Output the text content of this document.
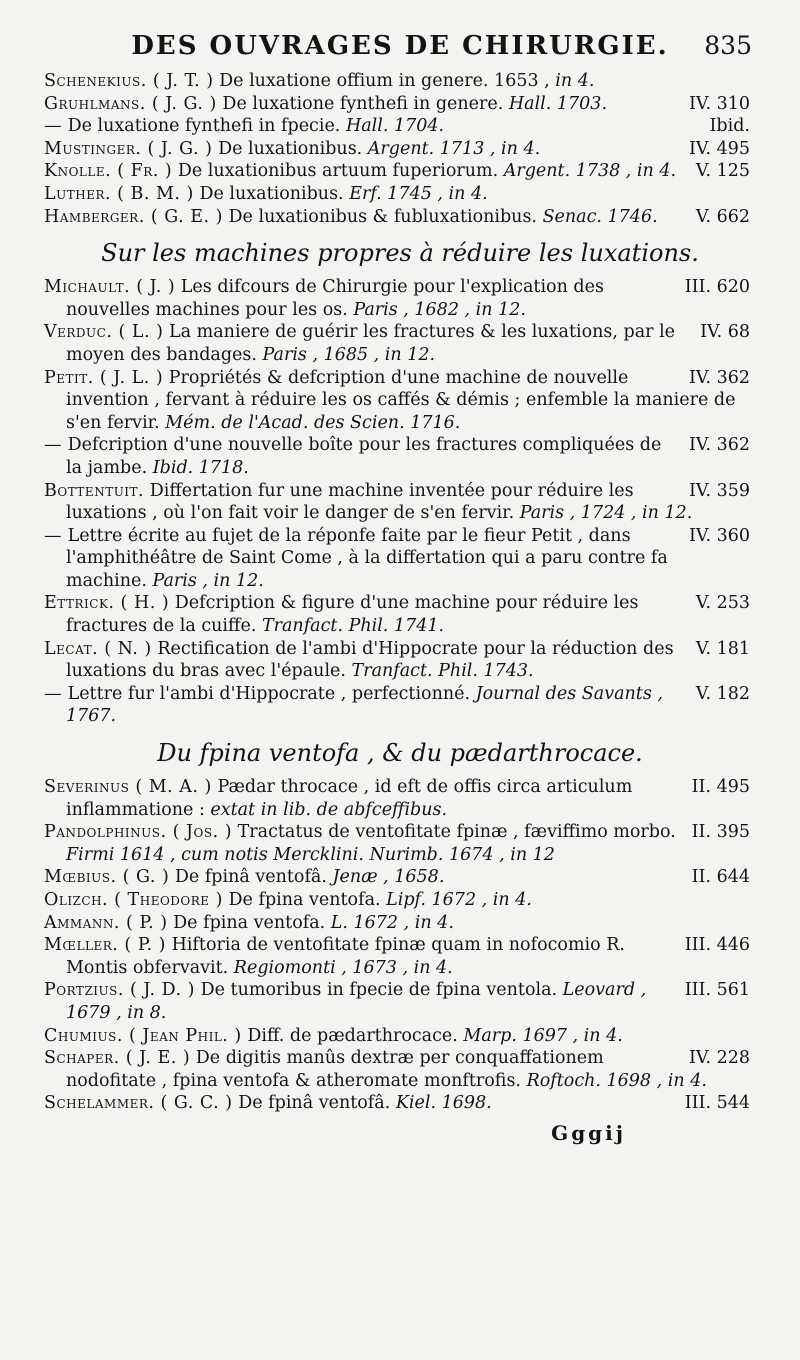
DES OUVRAGES DE CHIRURGIE. 835
Schenekius. ( J. T. ) De luxatione offium in genere. 1653 , in 4.
IV. 310
Gruhlmans. ( J. G. ) De luxatione fynthefi in genere. Hall. 1703.
Ibid.
— De luxatione fynthefi in fpecie. Hall. 1704.
IV. 495
Mustinger. ( J. G. ) De luxationibus. Argent. 1713 , in 4.
V. 125
Knolle. ( Fr. ) De luxationibus artuum fuperiorum. Argent. 1738 , in 4.
Luther. ( B. M. ) De luxationibus. Erf. 1745 , in 4.
V. 662
Hamberger. ( G. E. ) De luxationibus & fubluxationibus. Senac. 1746.
Sur les machines propres à réduire les luxations.
III. 620
Michault. ( J. ) Les difcours de Chirurgie pour l'explication des nouvelles machines pour les os. Paris , 1682 , in 12.
IV. 68
Verduc. ( L. ) La maniere de guérir les fractures & les luxations, par le moyen des bandages. Paris , 1685 , in 12.
IV. 362
Petit. ( J. L. ) Propriétés & defcription d'une machine de nouvelle invention , fervant à réduire les os caffés & démis ; enfemble la maniere de s'en fervir. Mém. de l'Acad. des Scien. 1716.
IV. 362
— Defcription d'une nouvelle boîte pour les fractures compliquées de la jambe. Ibid. 1718.
IV. 359
Bottentuit. Differtation fur une machine inventée pour réduire les luxations , où l'on fait voir le danger de s'en fervir. Paris , 1724 , in 12.
IV. 360
— Lettre écrite au fujet de la réponfe faite par le fieur Petit , dans l'amphithéâtre de Saint Come , à la differtation qui a paru contre fa machine. Paris , in 12.
V. 253
Ettrick. ( H. ) Defcription & figure d'une machine pour réduire les fractures de la cuiffe. Tranfact. Phil. 1741.
V. 181
Lecat. ( N. ) Rectification de l'ambi d'Hippocrate pour la réduction des luxations du bras avec l'épaule. Tranfact. Phil. 1743.
V. 182
— Lettre fur l'ambi d'Hippocrate , perfectionné. Journal des Savants , 1767.
Du fpina ventofa , & du pædarthrocace.
II. 495
Severinus ( M. A. ) Pædar throcace , id eft de offis circa articulum inflammatione : extat in lib. de abfceffibus.
II. 395
Pandolphinus. ( Jos. ) Tractatus de ventofitate fpinæ , fæviffimo morbo. Firmi 1614 , cum notis Mercklini. Nurimb. 1674 , in 12
II. 644
Mœbius. ( G. ) De fpinâ ventofâ. Jenæ , 1658.
Olizch. ( Theodore ) De fpina ventofa. Lipf. 1672 , in 4.
Ammann. ( P. ) De fpina ventofa. L. 1672 , in 4.
III. 446
Mœller. ( P. ) Hiftoria de ventofitate fpinæ quam in nofocomio R. Montis obfervavit. Regiomonti , 1673 , in 4.
III. 561
Portzius. ( J. D. ) De tumoribus in fpecie de fpina ventola. Leovard , 1679 , in 8.
Chumius. ( Jean Phil. ) Diff. de pædarthrocace. Marp. 1697 , in 4.
IV. 228
Schaper. ( J. E. ) De digitis manûs dextræ per conquaffationem nodofitate , fpina ventofa & atheromate monftrofis. Roftoch. 1698 , in 4.
III. 544
Schelammer. ( G. C. ) De fpinâ ventofâ. Kiel. 1698.
Gggij
